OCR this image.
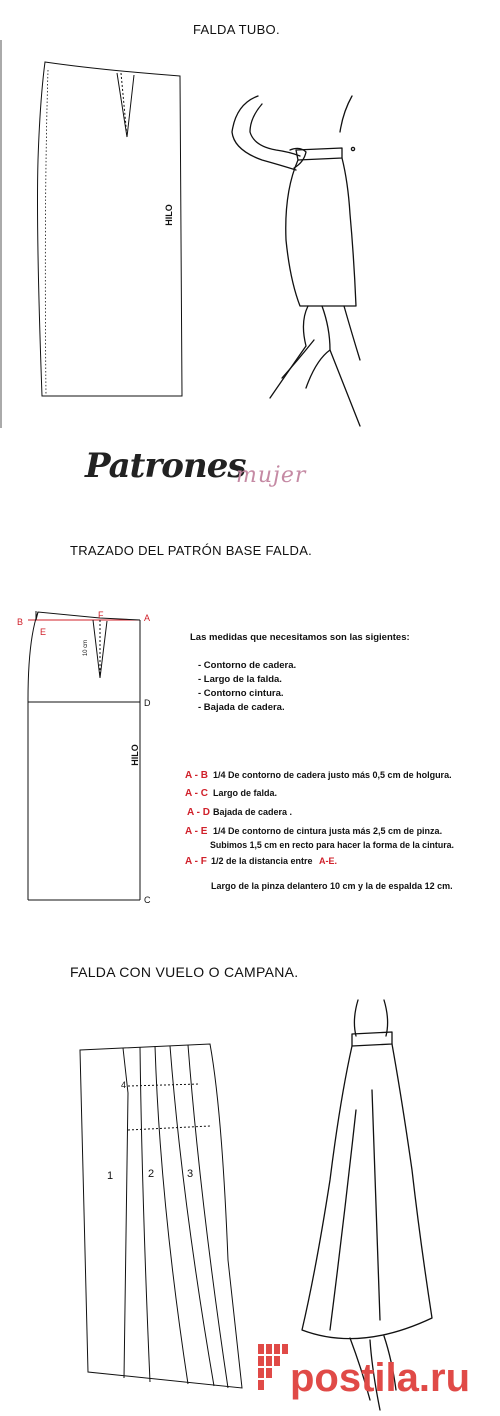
FALDA TUBO.
HILO
Patrones
mujer
TRAZADO DEL PATRÓN BASE FALDA.
B
E
F	A
D
C
10 cm
HILO
Las medidas que necesitamos son las sigientes:
- Contorno de cadera.
- Largo de la falda.
- Contorno cintura.
- Bajada de cadera.
A - B 1/4 De contorno de cadera justo más 0,5 cm de holgura.
A - C Largo de falda.
A - D Bajada de cadera .
A - E 1/4 De contorno de cintura justa más 2,5 cm de pinza.
Subimos 1,5 cm en recto para hacer la forma de la cintura.
A - F 1/2 de la distancia entre A-E.
Largo de la pinza delantero 10 cm y la de espalda 12 cm.
FALDA CON VUELO O CAMPANA.
1	2	3
4
postila.ru
